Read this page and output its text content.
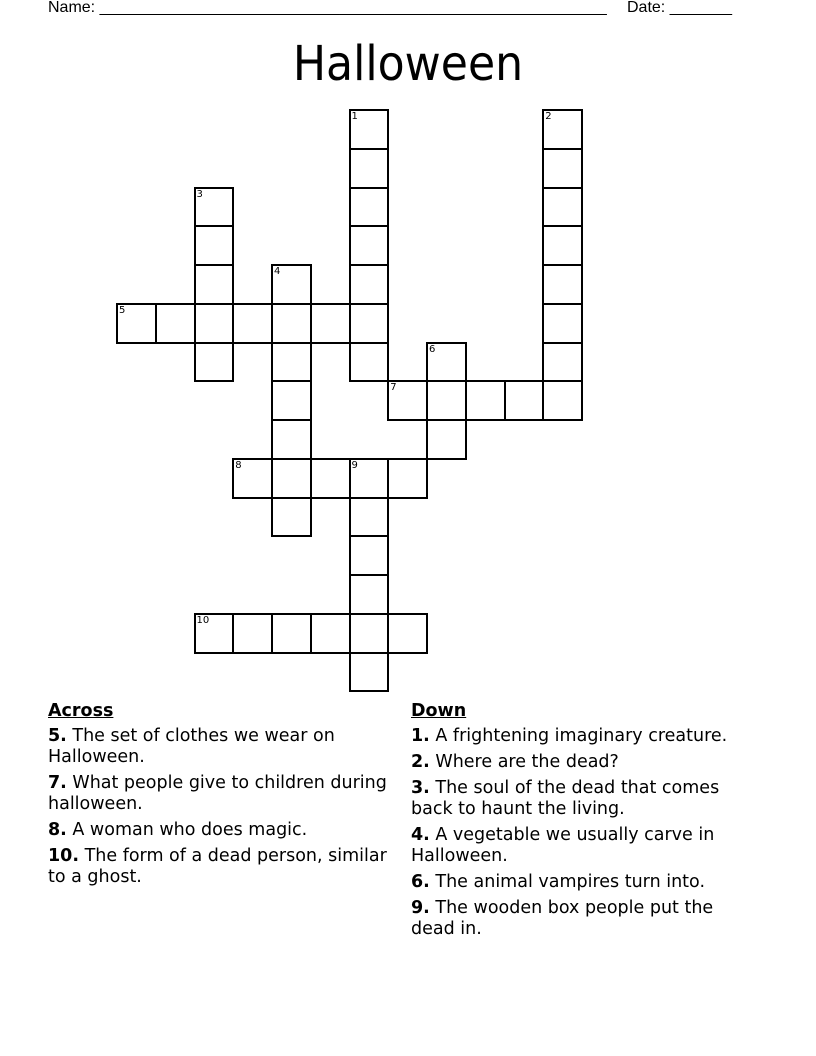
Name: _________________________________________________________ Date: _______
Halloween
1	2
3
4
5
6
7
8	9
10
Across
5. The set of clothes we wear on Halloween.
7. What people give to children during halloween.
8. A woman who does magic.
10. The form of a dead person, similar to a ghost.
Down
1. A frightening imaginary creature.
2. Where are the dead?
3. The soul of the dead that comes back to haunt the living.
4. A vegetable we usually carve in Halloween.
6. The animal vampires turn into.
9. The wooden box people put the dead in.
